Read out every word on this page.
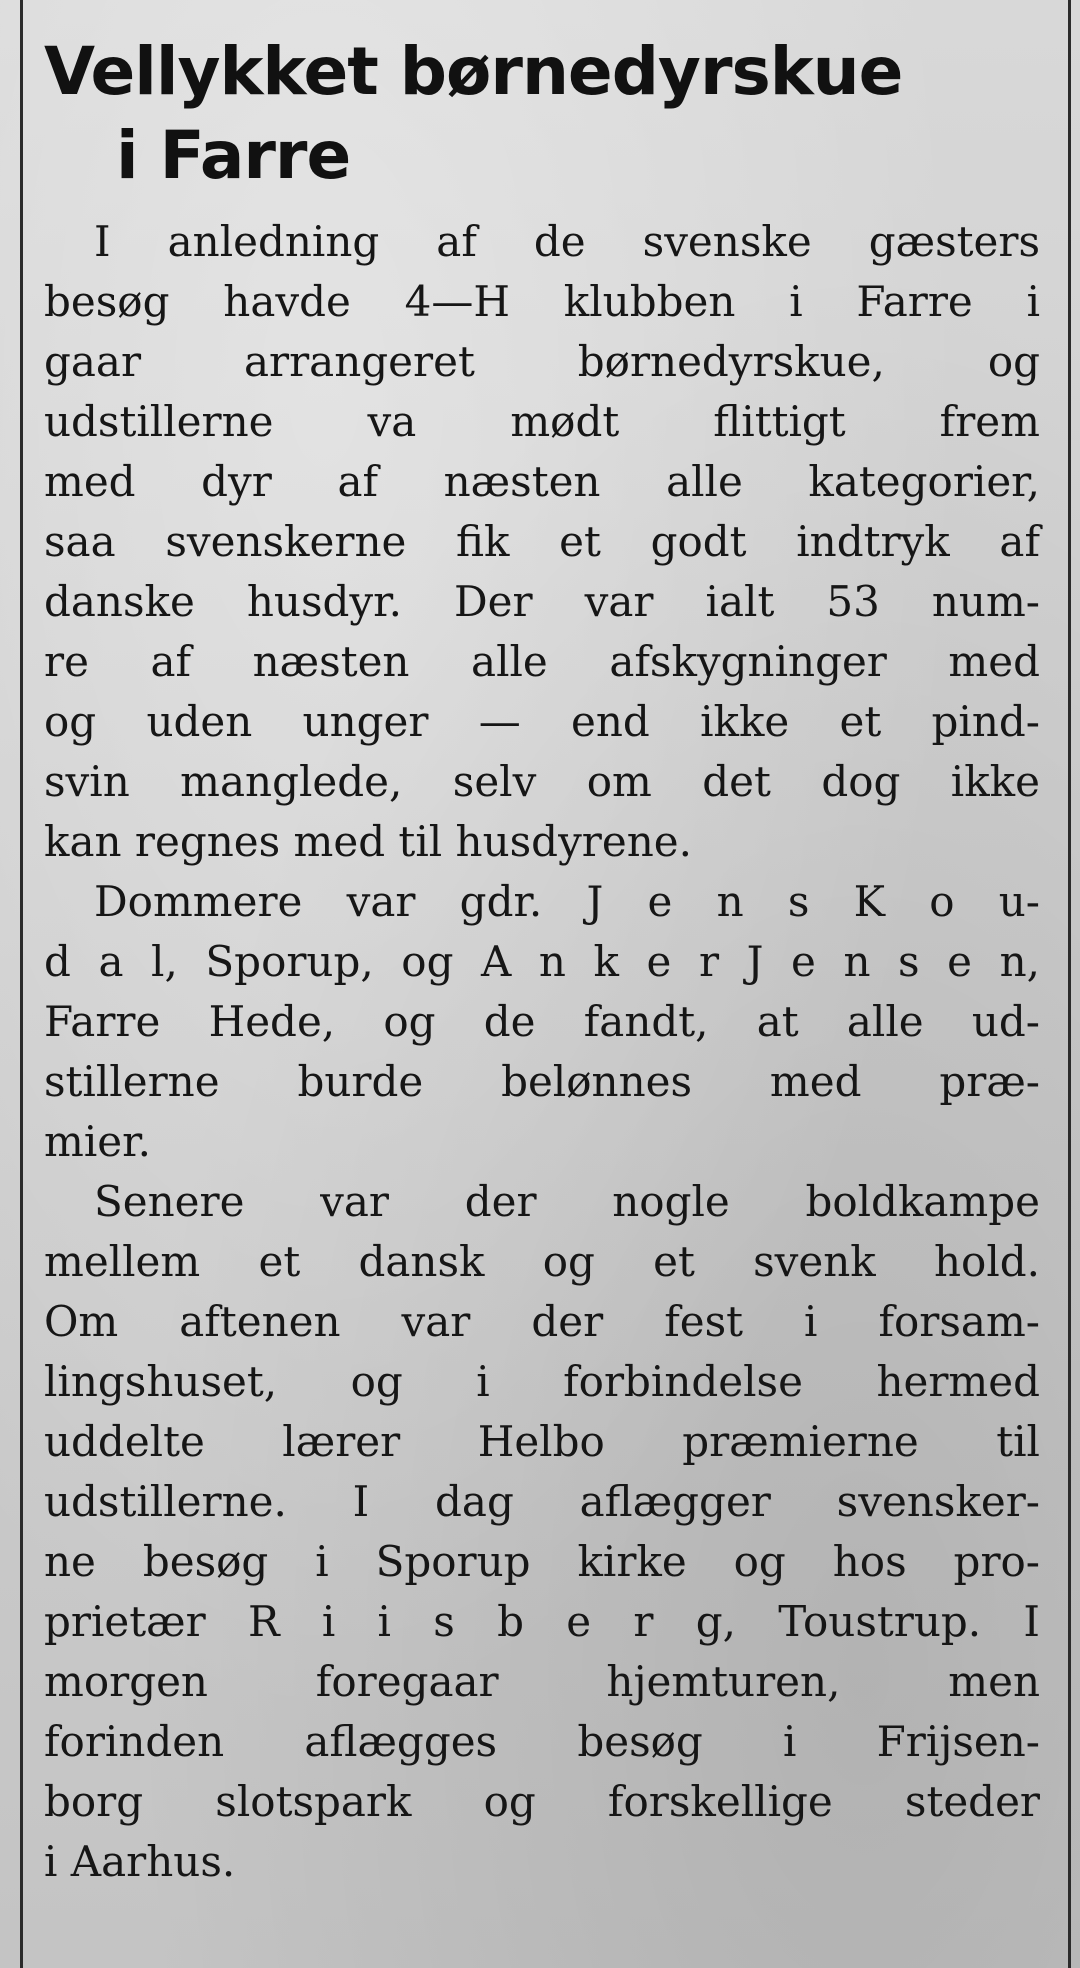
Vellykket børnedyrskue
i Farre

I anledning af de svenske gæsters
besøg havde 4—H klubben i Farre i
gaar arrangeret børnedyrskue, og
udstillerne va mødt flittigt frem
med dyr af næsten alle kategorier,
saa svenskerne fik et godt indtryk af
danske husdyr. Der var ialt 53 num-
re af næsten alle afskygninger med
og uden unger — end ikke et pind-
svin manglede, selv om det dog ikke
kan regnes med til husdyrene.

Dommere var gdr. J e n s K o u-
d a l, Sporup, og A n k e r J e n s e n,
Farre Hede, og de fandt, at alle ud-
stillerne burde belønnes med præ-
mier.

Senere var der nogle boldkampe
mellem et dansk og et svenk hold.
Om aftenen var der fest i forsam-
lingshuset, og i forbindelse hermed
uddelte lærer Helbo præmierne til
udstillerne. I dag aflægger svensker-
ne besøg i Sporup kirke og hos pro-
prietær R i i s b e r g, Toustrup. I
morgen foregaar hjemturen, men
forinden aflægges besøg i Frijsen-
borg slotspark og forskellige steder
i Aarhus.
